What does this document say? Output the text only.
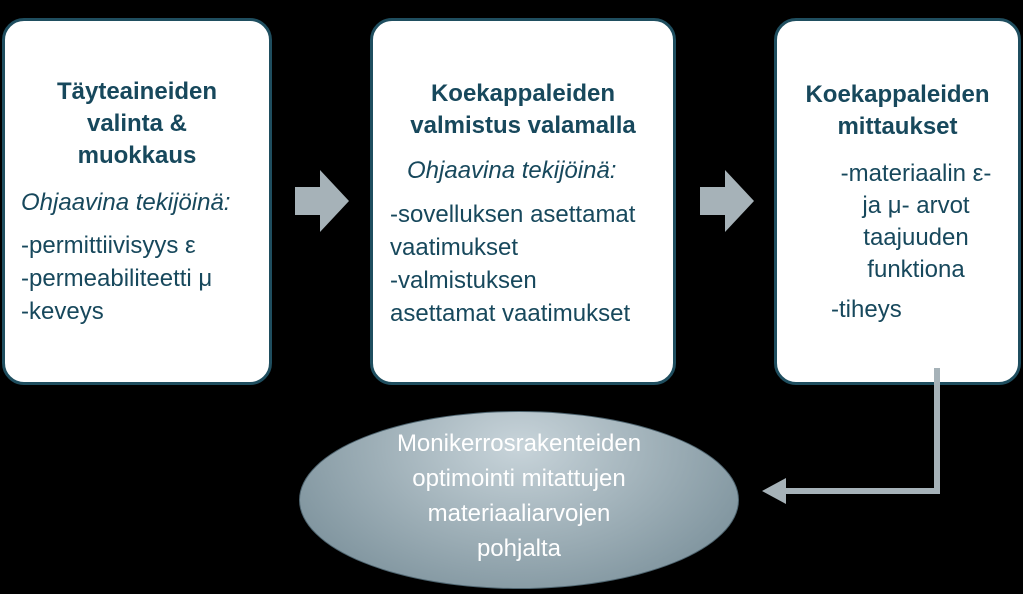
Täyteaineiden
valinta &
muokkaus
Ohjaavina tekijöinä:
-permittiivisyys ε
-permeabiliteetti μ
-keveys
Koekappaleiden
valmistus valamalla
Ohjaavina tekijöinä:
-sovelluksen asettamat
vaatimukset
-valmistuksen
asettamat vaatimukset
Koekappaleiden
mittaukset
-materiaalin ε-
ja μ- arvot
taajuuden
funktiona
-tiheys
Monikerrosrakenteiden
optimointi mitattujen
materiaaliarvojen
pohjalta
